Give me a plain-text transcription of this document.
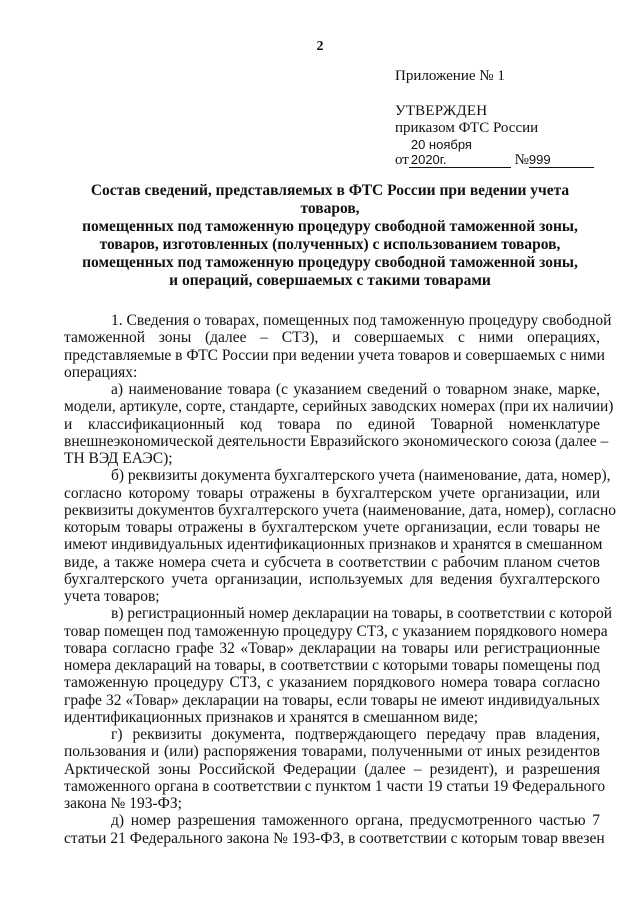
2
Приложение № 1
УТВЕРЖДЕН
приказом ФТС России
от20 ноября 2020г.	№999
Состав сведений, представляемых в ФТС России при ведении учета товаров,
помещенных под таможенную процедуру свободной таможенной зоны,
товаров, изготовленных (полученных) с использованием товаров,
помещенных под таможенную процедуру свободной таможенной зоны,
и операций, совершаемых с такими товарами
1. Сведения о товарах, помещенных под таможенную процедуру свободной
таможенной зоны (далее – СТЗ), и совершаемых с ними операциях,
представляемые в ФТС России при ведении учета товаров и совершаемых с ними
операциях:
а) наименование товара (с указанием сведений о товарном знаке, марке,
модели, артикуле, сорте, стандарте, серийных заводских номерах (при их наличии)
и классификационный код товара по единой Товарной номенклатуре
внешнеэкономической деятельности Евразийского экономического союза (далее –
ТН ВЭД ЕАЭС);
б) реквизиты документа бухгалтерского учета (наименование, дата, номер),
согласно которому товары отражены в бухгалтерском учете организации, или
реквизиты документов бухгалтерского учета (наименование, дата, номер), согласно
которым товары отражены в бухгалтерском учете организации, если товары не
имеют индивидуальных идентификационных признаков и хранятся в смешанном
виде, а также номера счета и субсчета в соответствии с рабочим планом счетов
бухгалтерского учета организации, используемых для ведения бухгалтерского
учета товаров;
в) регистрационный номер декларации на товары, в соответствии с которой
товар помещен под таможенную процедуру СТЗ, с указанием порядкового номера
товара согласно графе 32 «Товар» декларации на товары или регистрационные
номера деклараций на товары, в соответствии с которыми товары помещены под
таможенную процедуру СТЗ, с указанием порядкового номера товара согласно
графе 32 «Товар» декларации на товары, если товары не имеют индивидуальных
идентификационных признаков и хранятся в смешанном виде;
г) реквизиты документа, подтверждающего передачу прав владения,
пользования и (или) распоряжения товарами, полученными от иных резидентов
Арктической зоны Российской Федерации (далее – резидент), и разрешения
таможенного органа в соответствии с пунктом 1 части 19 статьи 19 Федерального
закона № 193-ФЗ;
д) номер разрешения таможенного органа, предусмотренного частью 7
статьи 21 Федерального закона № 193-ФЗ, в соответствии с которым товар ввезен
